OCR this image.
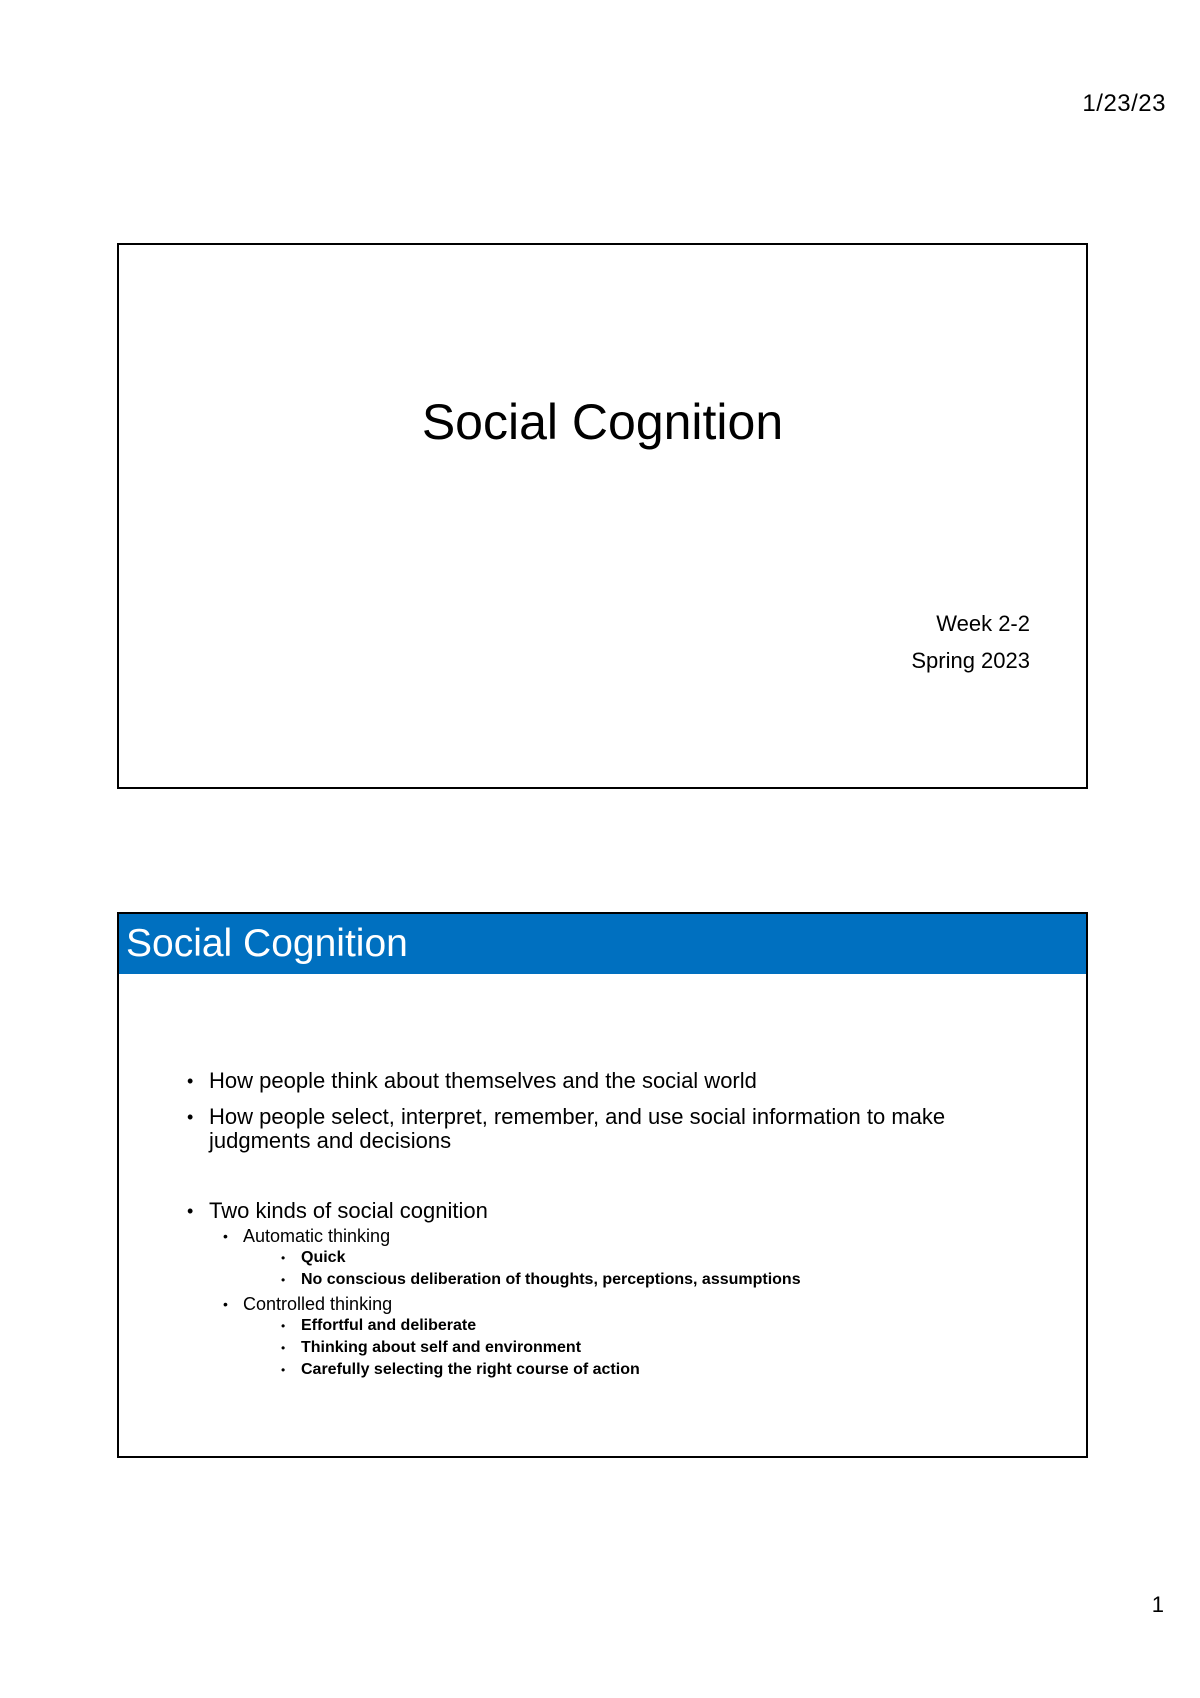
1/23/23
Social Cognition
Week 2-2
Spring 2023
Social Cognition
• How people think about themselves and the social world
• How people select, interpret, remember, and use social information to make judgments and decisions
• Two kinds of social cognition
• Automatic thinking
• Quick
• No conscious deliberation of thoughts, perceptions, assumptions
• Controlled thinking
• Effortful and deliberate
• Thinking about self and environment
• Carefully selecting the right course of action
1
